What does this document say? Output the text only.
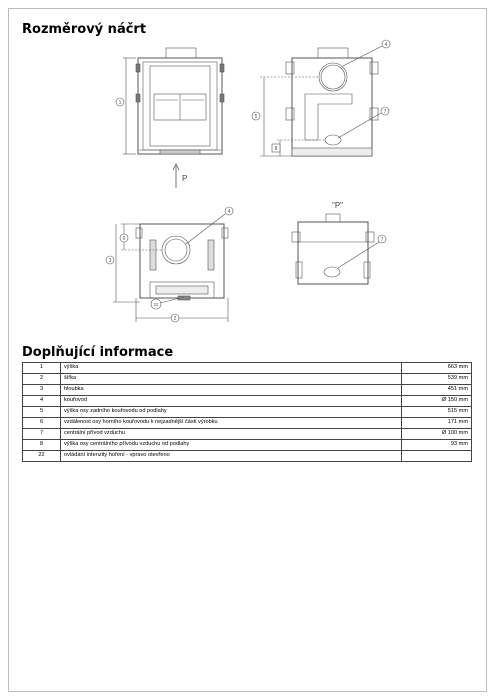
Rozměrový náčrt
1
P
4
7
5
8
4
6
3
2
22
"P"
7
Doplňující informace
1	výška	663 mm
2	šířka	539 mm
3	hloubka	451 mm
4	kouřovod	Ø 150 mm
5	výška osy zadního kouřovodu od podlahy	515 mm
6	vzdálenost osy horního kouřovodu k nejzadnější části výrobku	171 mm
7	centrální přívod vzduchu	Ø 100 mm
8	výška osy centrálního přívodu vzduchu od podlahy	93 mm
22	ovládání intenzity hoření - vpravo otevřeno	
